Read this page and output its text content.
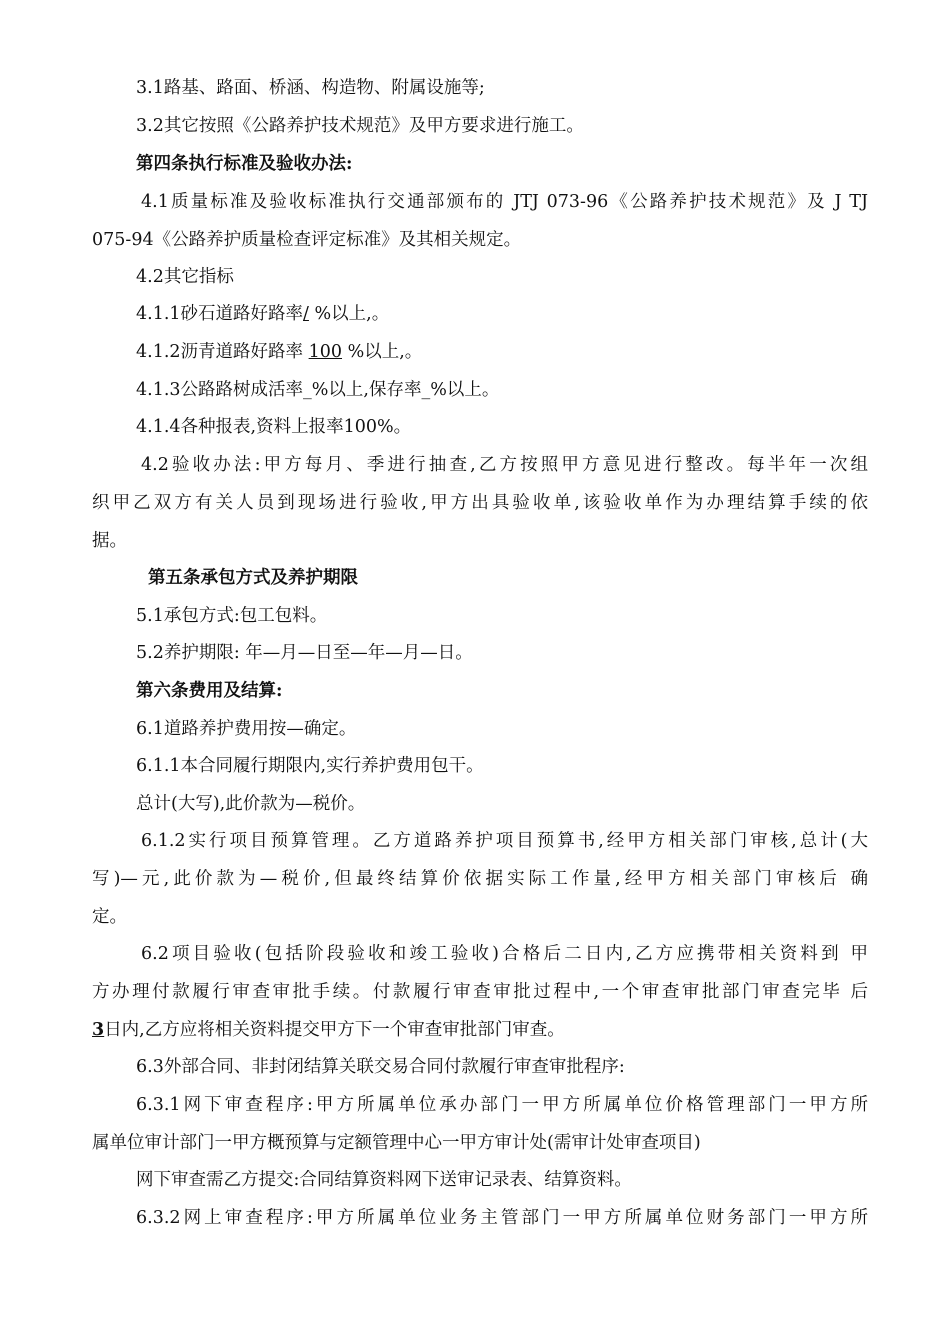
3.1路基、路面、桥涵、构造物、附属设施等;
3.2其它按照《公路养护技术规范》及甲方要求进行施工。
第四条执行标准及验收办法:
4.1质量标准及验收标准执行交通部颁布的 JTJ 073-96《公路养护技术规范》及 J TJ
075-94《公路养护质量检查评定标准》及其相关规定。
4.2其它指标
4.1.1砂石道路好路率/ %以上,。
4.1.2沥青道路好路率 100 %以上,。
4.1.3公路路树成活率_%以上,保存率_%以上。
4.1.4各种报表,资料上报率100%。
4.2验收办法:甲方每月、季进行抽查,乙方按照甲方意见进行整改。每半年一次组
织甲乙双方有关人员到现场进行验收,甲方出具验收单,该验收单作为办理结算手续的依
据。
第五条承包方式及养护期限
5.1承包方式:包工包料。
5.2养护期限: 年—月—日至—年—月—日。
第六条费用及结算:
6.1道路养护费用按—确定。
6.1.1本合同履行期限内,实行养护费用包干。
总计(大写),此价款为—税价。
6.1.2实行项目预算管理。乙方道路养护项目预算书,经甲方相关部门审核,总计(大
写)—元,此价款为—税价,但最终结算价依据实际工作量,经甲方相关部门审核后 确
定。
6.2项目验收(包括阶段验收和竣工验收)合格后二日内,乙方应携带相关资料到 甲
方办理付款履行审查审批手续。付款履行审查审批过程中,一个审查审批部门审查完毕 后
3日内,乙方应将相关资料提交甲方下一个审查审批部门审查。
6.3外部合同、非封闭结算关联交易合同付款履行审查审批程序:
6.3.1网下审查程序:甲方所属单位承办部门一甲方所属单位价格管理部门一甲方所
属单位审计部门一甲方概预算与定额管理中心一甲方审计处(需审计处审查项目)
网下审查需乙方提交:合同结算资料网下送审记录表、结算资料。
6.3.2网上审查程序:甲方所属单位业务主管部门一甲方所属单位财务部门一甲方所
